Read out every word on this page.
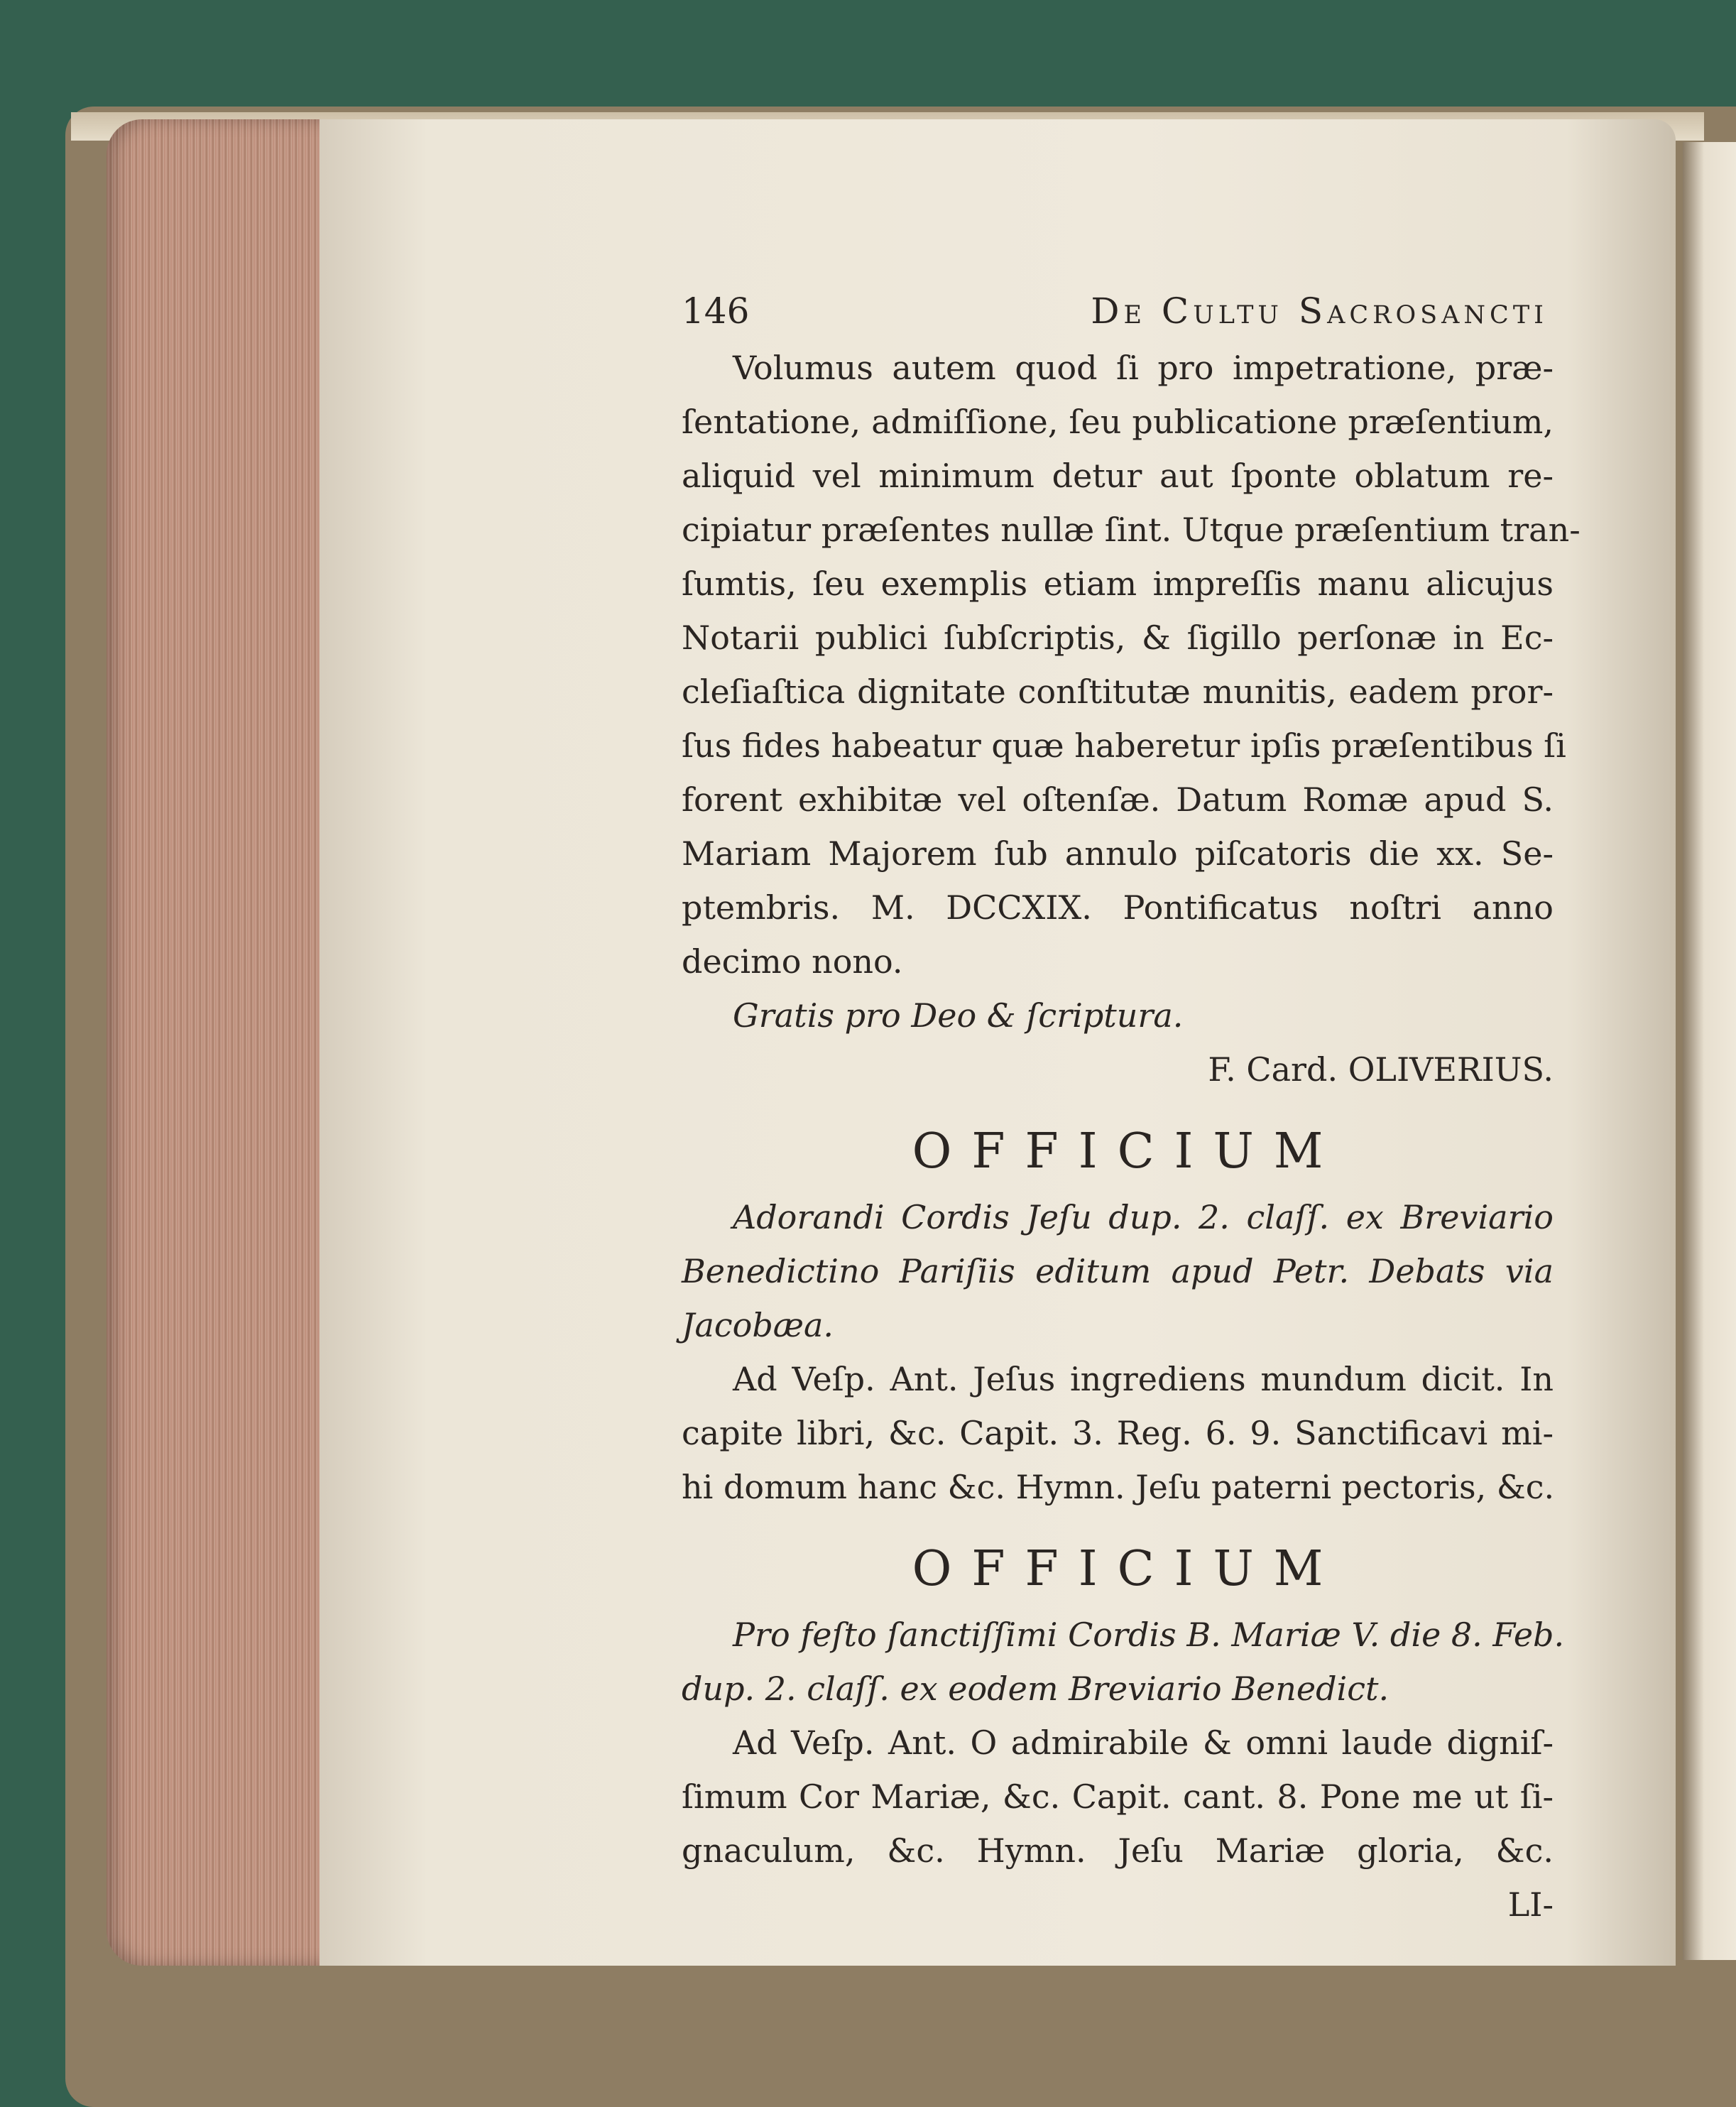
146	De Cultu Sacrosancti
Volumus autem quod ſi pro impetratione, præ-
ſentatione, admiſſione, ſeu publicatione præſentium,
aliquid vel minimum detur aut ſponte oblatum re-
cipiatur præſentes nullæ ſint. Utque præſentium tran-
ſumtis, ſeu exemplis etiam impreſſis manu alicujus
Notarii publici ſubſcriptis, & ſigillo perſonæ in Ec-
cleſiaſtica dignitate conſtitutæ munitis, eadem pror-
ſus fides habeatur quæ haberetur ipſis præſentibus ſi
forent exhibitæ vel oſtenſæ. Datum Romæ apud S.
Mariam Majorem ſub annulo piſcatoris die xx. Se-
ptembris. M. DCCXIX. Pontificatus noſtri anno
decimo nono.
Gratis pro Deo & ſcriptura.
F. Card. OLIVERIUS.
OFFICIUM
Adorandi Cordis Jeſu dup. 2. claſſ. ex Breviario
Benedictino Pariſiis editum apud Petr. Debats via
Jacobæa.
Ad Veſp. Ant. Jeſus ingrediens mundum dicit. In
capite libri, &c. Capit. 3. Reg. 6. 9. Sanctificavi mi-
hi domum hanc &c. Hymn. Jeſu paterni pectoris, &c.
OFFICIUM
Pro feſto ſanctiſſimi Cordis B. Mariæ V. die 8. Feb.
dup. 2. claſſ. ex eodem Breviario Benedict.
Ad Veſp. Ant. O admirabile & omni laude digniſ-
ſimum Cor Mariæ, &c. Capit. cant. 8. Pone me ut ſi-
gnaculum, &c. Hymn. Jeſu Mariæ gloria, &c.
LI-
